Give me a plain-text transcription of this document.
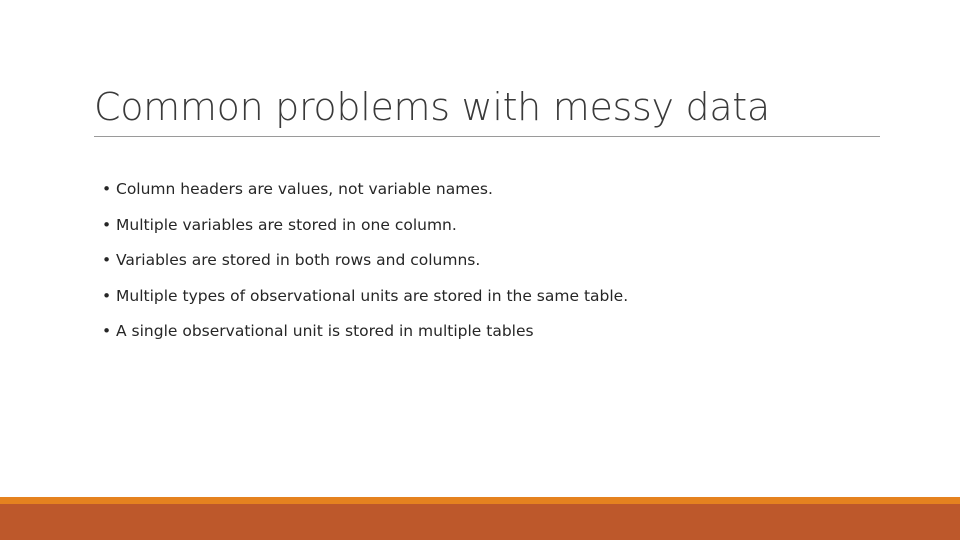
Common problems with messy data
• Column headers are values, not variable names.
• Multiple variables are stored in one column.
• Variables are stored in both rows and columns.
• Multiple types of observational units are stored in the same table.
• A single observational unit is stored in multiple tables
